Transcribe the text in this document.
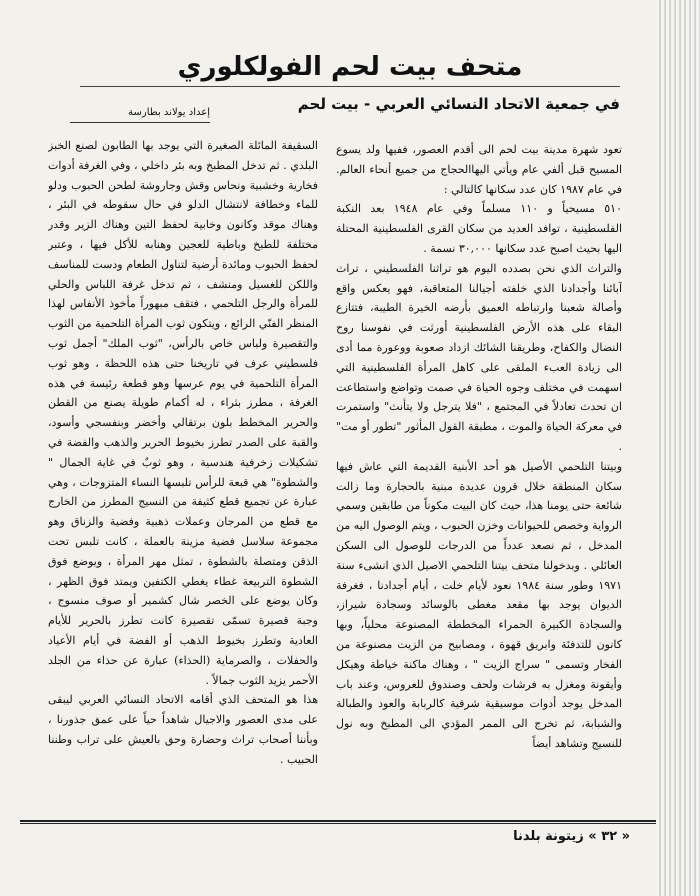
متحف بيت لحم الفولكلوري
في جمعية الاتحاد النسائي العربي - بيت لحم
إعداد يولاند بطارسة

تعود شهرة مدينة بيت لحم الى أقدم العصور، ففيها ولد يسوع المسيح قبل ألفي عام ويأتي اليهاالحجاج من جميع أنحاء العالم. في عام ١٩٨٧ كان عدد سكانها كالتالي :

٥١٠ مسيحياً و ١١٠ مسلماً وفي عام ١٩٤٨ بعد النكبة الفلسطينية ، توافد العديد من سكان القرى الفلسطينية المحتلة اليها بحيث اصبح عدد سكانها ٣٠,٠٠٠ نسمة .

والتراث الذي نحن بصدده اليوم هو تراثنا الفلسطيني ، تراث آبائنا وأجدادنا الذي خلفته أجيالنا المتعاقبة، فهو يعكس واقع وأصالة شعبنا وارتباطه العميق بأرضه الخيرة الطيبة، فتتازع البقاء على هذه الأرض الفلسطينية أورثت في نفوسنا روح النضال والكفاح، وطريقنا الشائك ازداد صعوبة ووعورة مما أدى الى زيادة العبء الملقى على كاهل المرأة الفلسطينية التي اسهمت في مختلف وجوه الحياة في صمت وتواضع واستطاعت ان تحدث تعادلاً في المجتمع ، "فلا يترجل ولا يتأنث" واستمرت في معركة الحياة والموت ، مطبقة القول المأثور "تطور أو مت" .

وبيتنا التلحمي الأصيل هو أحد الأبنية القديمة التي عاش فيها سكان المنطقة خلال قرون عديدة مبنية بالحجارة وما زالت شائعة حتى يومنا هذا، حيث كان البيت مكوناً من طابقين وسمي الرواية وخصص للحيوانات وخزن الحبوب ، ويتم الوصول اليه من المدخل ، ثم نصعد عدداً من الدرجات للوصول الى السكن العائلي . وبدخولنا متحف بيتنا التلحمي الاصيل الذي انشىء سنة ١٩٧١ وطور سنة ١٩٨٤ نعود لأيام خلت ، أيام أجدادنا ، فغرفة الديوان يوجد بها مقعد مغطى بالوسائد وسجادة شيراز، والسجادة الكبيرة الحمراء المخططة المصنوعة محلياً، وبها كانون للتدفئة وابريق قهوة ، ومصابيح من الزيت مصنوعة من الفخار وتسمى " سراج الزيت " ، وهناك ماكنة خياطة وهيكل وأيقونة ومغزل به فرشات ولحف وصندوق للعروس، وعند باب المدخل يوجد أدوات موسيقية شرقية كالربابة والعود والطبالة والشبابة، ثم تخرج الى الممر المؤدي الى المطبخ وبه نول للنسيج وتشاهد أيضاً

السقيفة المائلة الصغيرة التي يوجد بها الطابون لصنع الخبز البلدي . ثم تدخل المطبخ وبه بئر داخلي ، وفي الغرفة أدوات فخارية وخشبية ونحاس وقش وجاروشة لطحن الحبوب ودلو للماء وخطافة لانتشال الدلو في حال سقوطه في البئر ، وهناك موقد وكانون وخابية لحفظ التين وهناك الزير وقدر مختلفة للطبخ وباطية للعجين وهنابه للأكل فيها ، وعتبر لحفظ الحبوب ومائدة أرضية لتناول الطعام ودست للمناسف واللكن للغسيل ومنشف ، ثم تدخل غرفة اللباس والحلي للمرأة والرجل التلحمي ، فتقف مبهوراً مأخوذ الأنفاس لهذا المنظر الفنّي الرائع ، ويتكون ثوب المرأة التلحمية من الثوب والتقصيرة ولباس خاص بالرأس، "ثوب الملك" أجمل ثوب فلسطيني عرف في تاريخنا حتى هذه اللحظة ، وهو ثوب المرأة التلحمية في يوم عرسها وهو قطعة رئيسة في هذه الغرفة ، مطرز بثراء ، له أكمام طويلة يصنع من القطن والحرير المخطط بلون برتقالي وأخضر وبنفسجي وأسود، والقبة على الصدر تطرز بخيوط الحرير والذهب والفضة في تشكيلات زخرفية هندسية ، وهو ثوبٌ في غاية الجمال " والشطوة" هي قبعة للرأس تلبسها النساء المتزوجات ، وهي عبارة عن تجميع قطع كثيفة من النسيج المطرز من الخارج مع قطع من المرجان وعملات ذهبية وفضية والزناق وهو مجموعة سلاسل فضية مزينة بالعملة ، كانت تلبس تحت الذقن ومتصلة بالشطوة ، تمثل مهر المرأة ، ويوضع فوق الشطوة التربيعة غطاء يغطي الكتفين ويمتد فوق الظهر ، وكان يوضع على الخصر شال كشمير أو صوف منسوج ، وجبة قصيرة تسمّى تقصيرة كانت تطرز بالحرير للأيام العادية وتطرز بخيوط الذهب أو الفضة في أيام الأعياد والحفلات ، والصرماية (الحذاء) عبارة عن حذاء من الجلد الأحمر يزيد الثوب جمالاً .

هذا هو المتحف الذي أقامه الاتحاد النسائي العربي ليبقى على مدى العصور والاجيال شاهداً حياً على عمق جذورنا ، وبأننا أصحاب تراث وحضارة وحق بالعيش على تراب وطننا الحبيب .

« ٣٢ » زيتونة بلدنا
